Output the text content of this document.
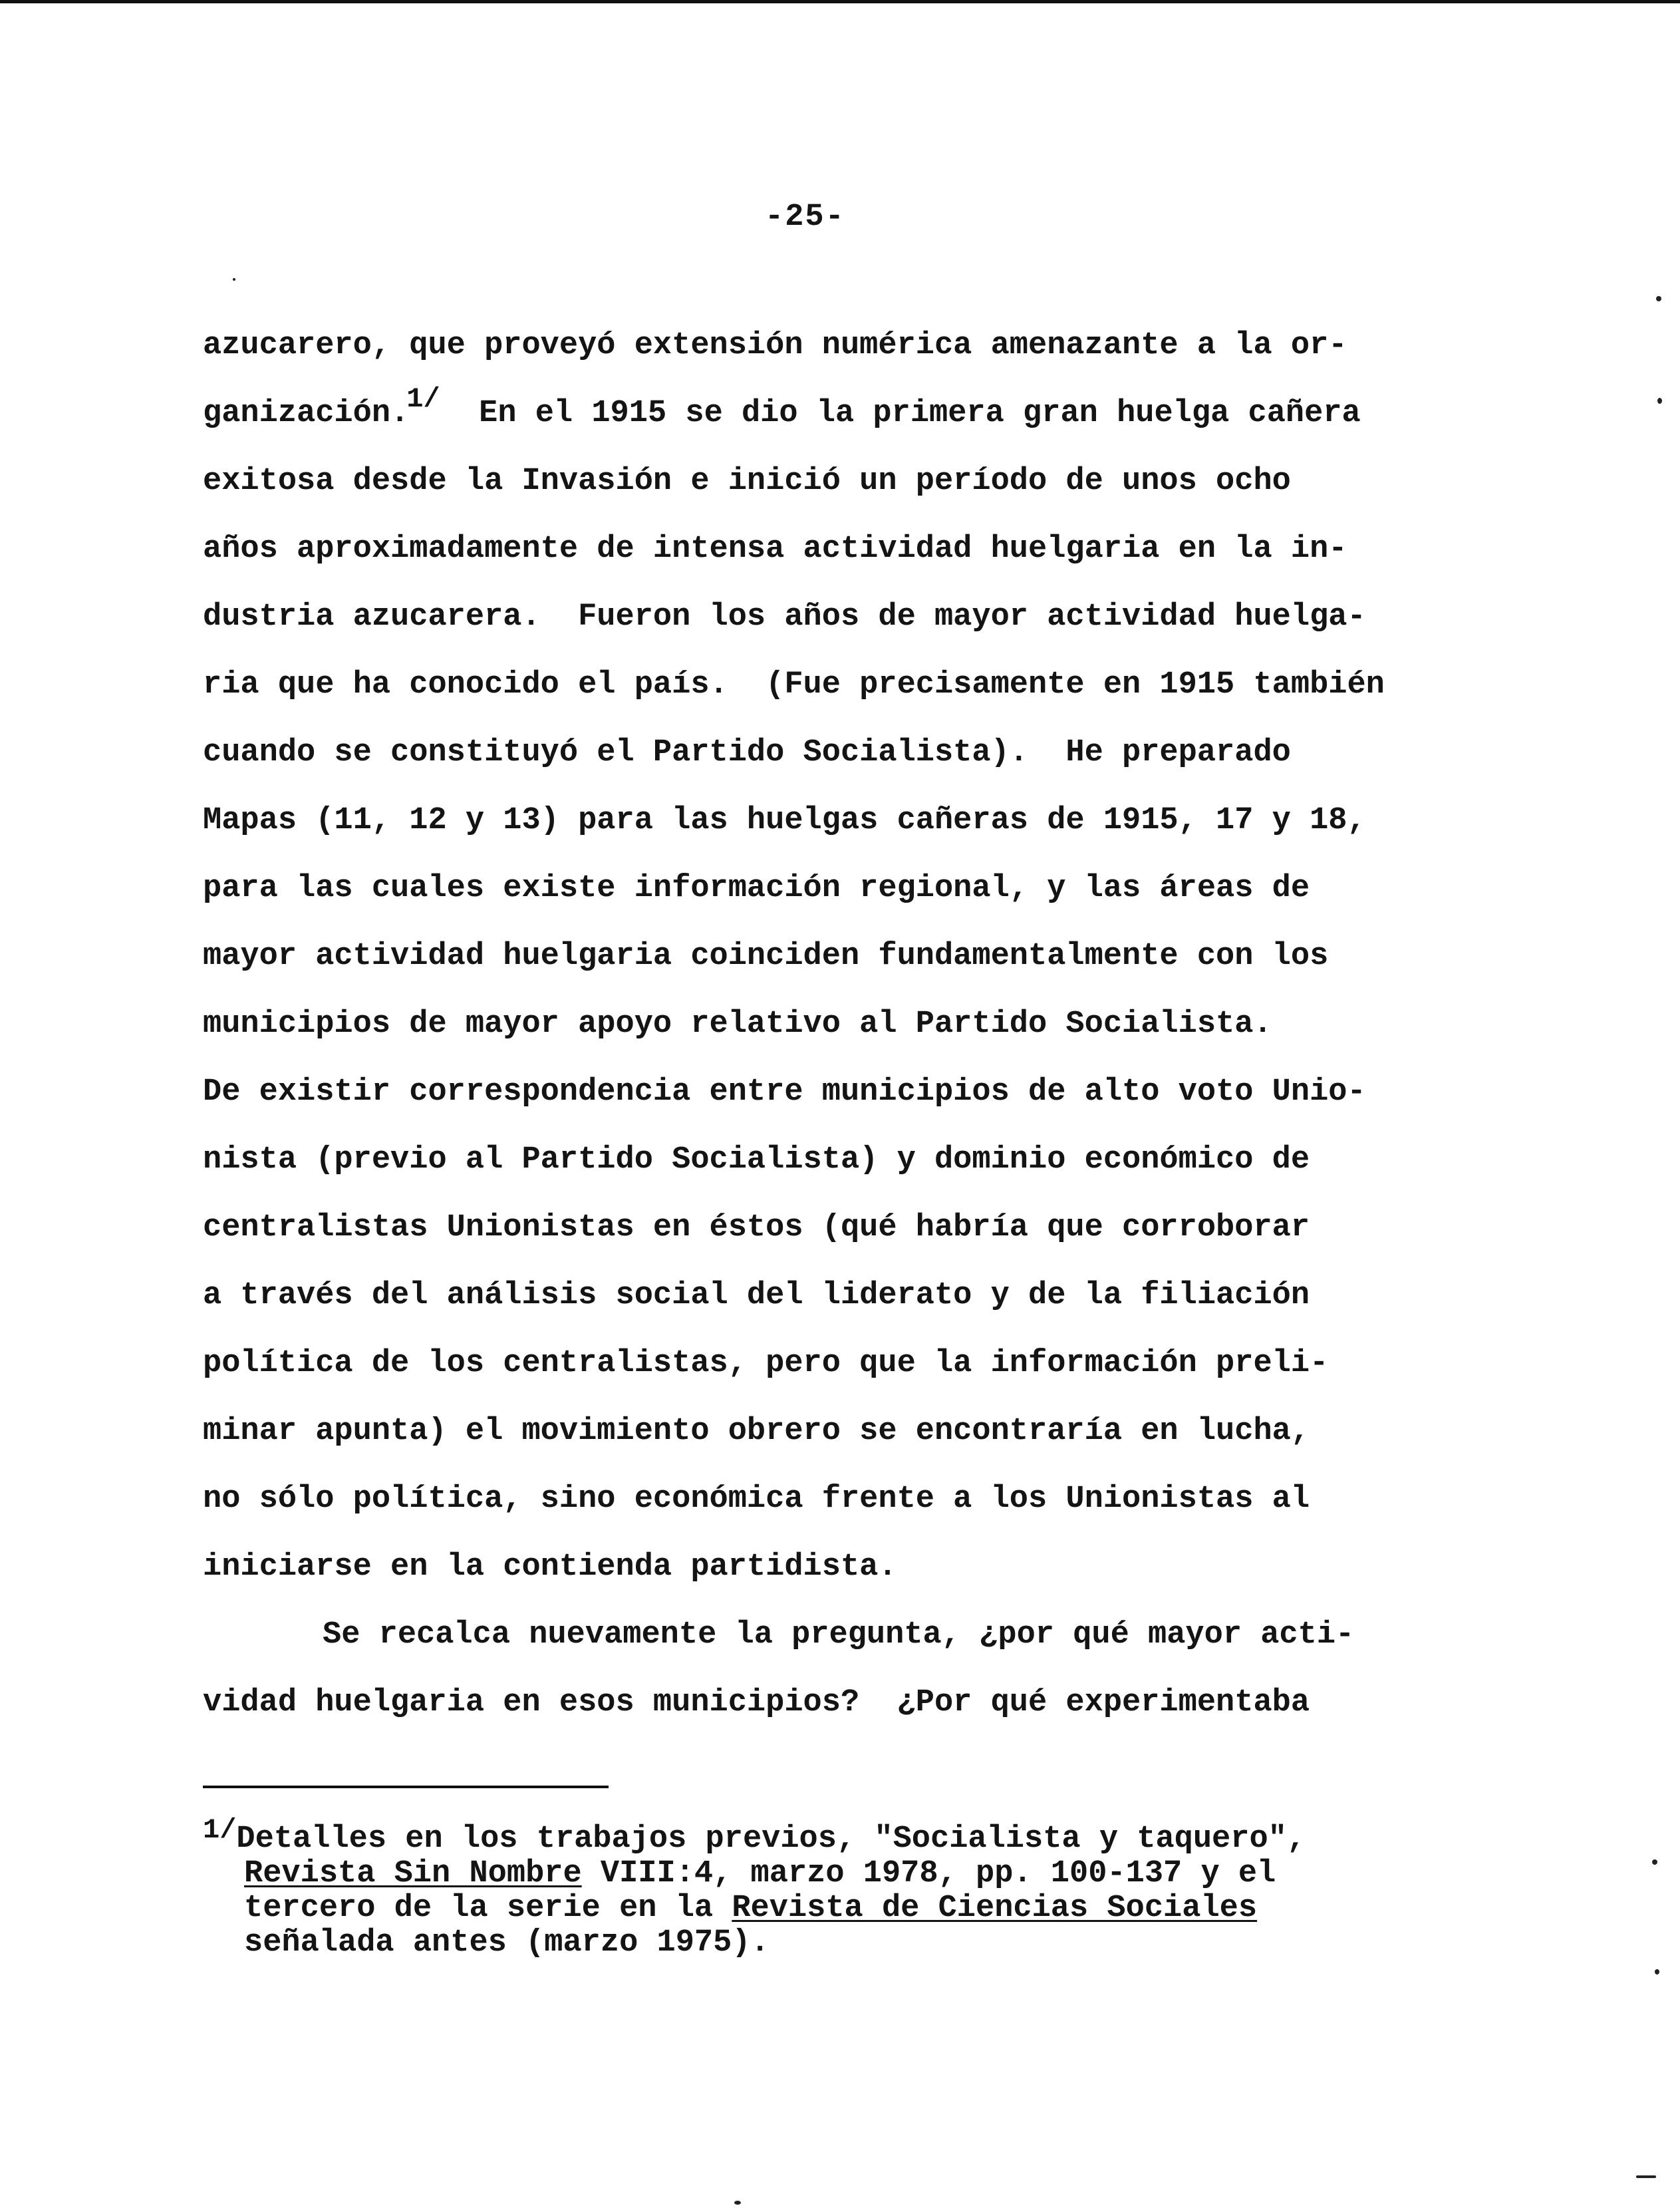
-25-
azucarero, que proveyó extensión numérica amenazante a la or-
ganización.1/ En el 1915 se dio la primera gran huelga cañera
exitosa desde la Invasión e inició un período de unos ocho
años aproximadamente de intensa actividad huelgaria en la in-
dustria azucarera.  Fueron los años de mayor actividad huelga-
ria que ha conocido el país.  (Fue precisamente en 1915 también
cuando se constituyó el Partido Socialista).  He preparado
Mapas (11, 12 y 13) para las huelgas cañeras de 1915, 17 y 18,
para las cuales existe información regional, y las áreas de
mayor actividad huelgaria coinciden fundamentalmente con los
municipios de mayor apoyo relativo al Partido Socialista.
De existir correspondencia entre municipios de alto voto Unio-
nista (previo al Partido Socialista) y dominio económico de
centralistas Unionistas en éstos (qué habría que corroborar
a través del análisis social del liderato y de la filiación
política de los centralistas, pero que la información preli-
minar apunta) el movimiento obrero se encontraría en lucha,
no sólo política, sino económica frente a los Unionistas al
iniciarse en la contienda partidista.
Se recalca nuevamente la pregunta, ¿por qué mayor acti-
vidad huelgaria en esos municipios?  ¿Por qué experimentaba
1/Detalles en los trabajos previos, "Socialista y taquero",
Revista Sin Nombre VIII:4, marzo 1978, pp. 100-137 y el
tercero de la serie en la Revista de Ciencias Sociales
señalada antes (marzo 1975).
